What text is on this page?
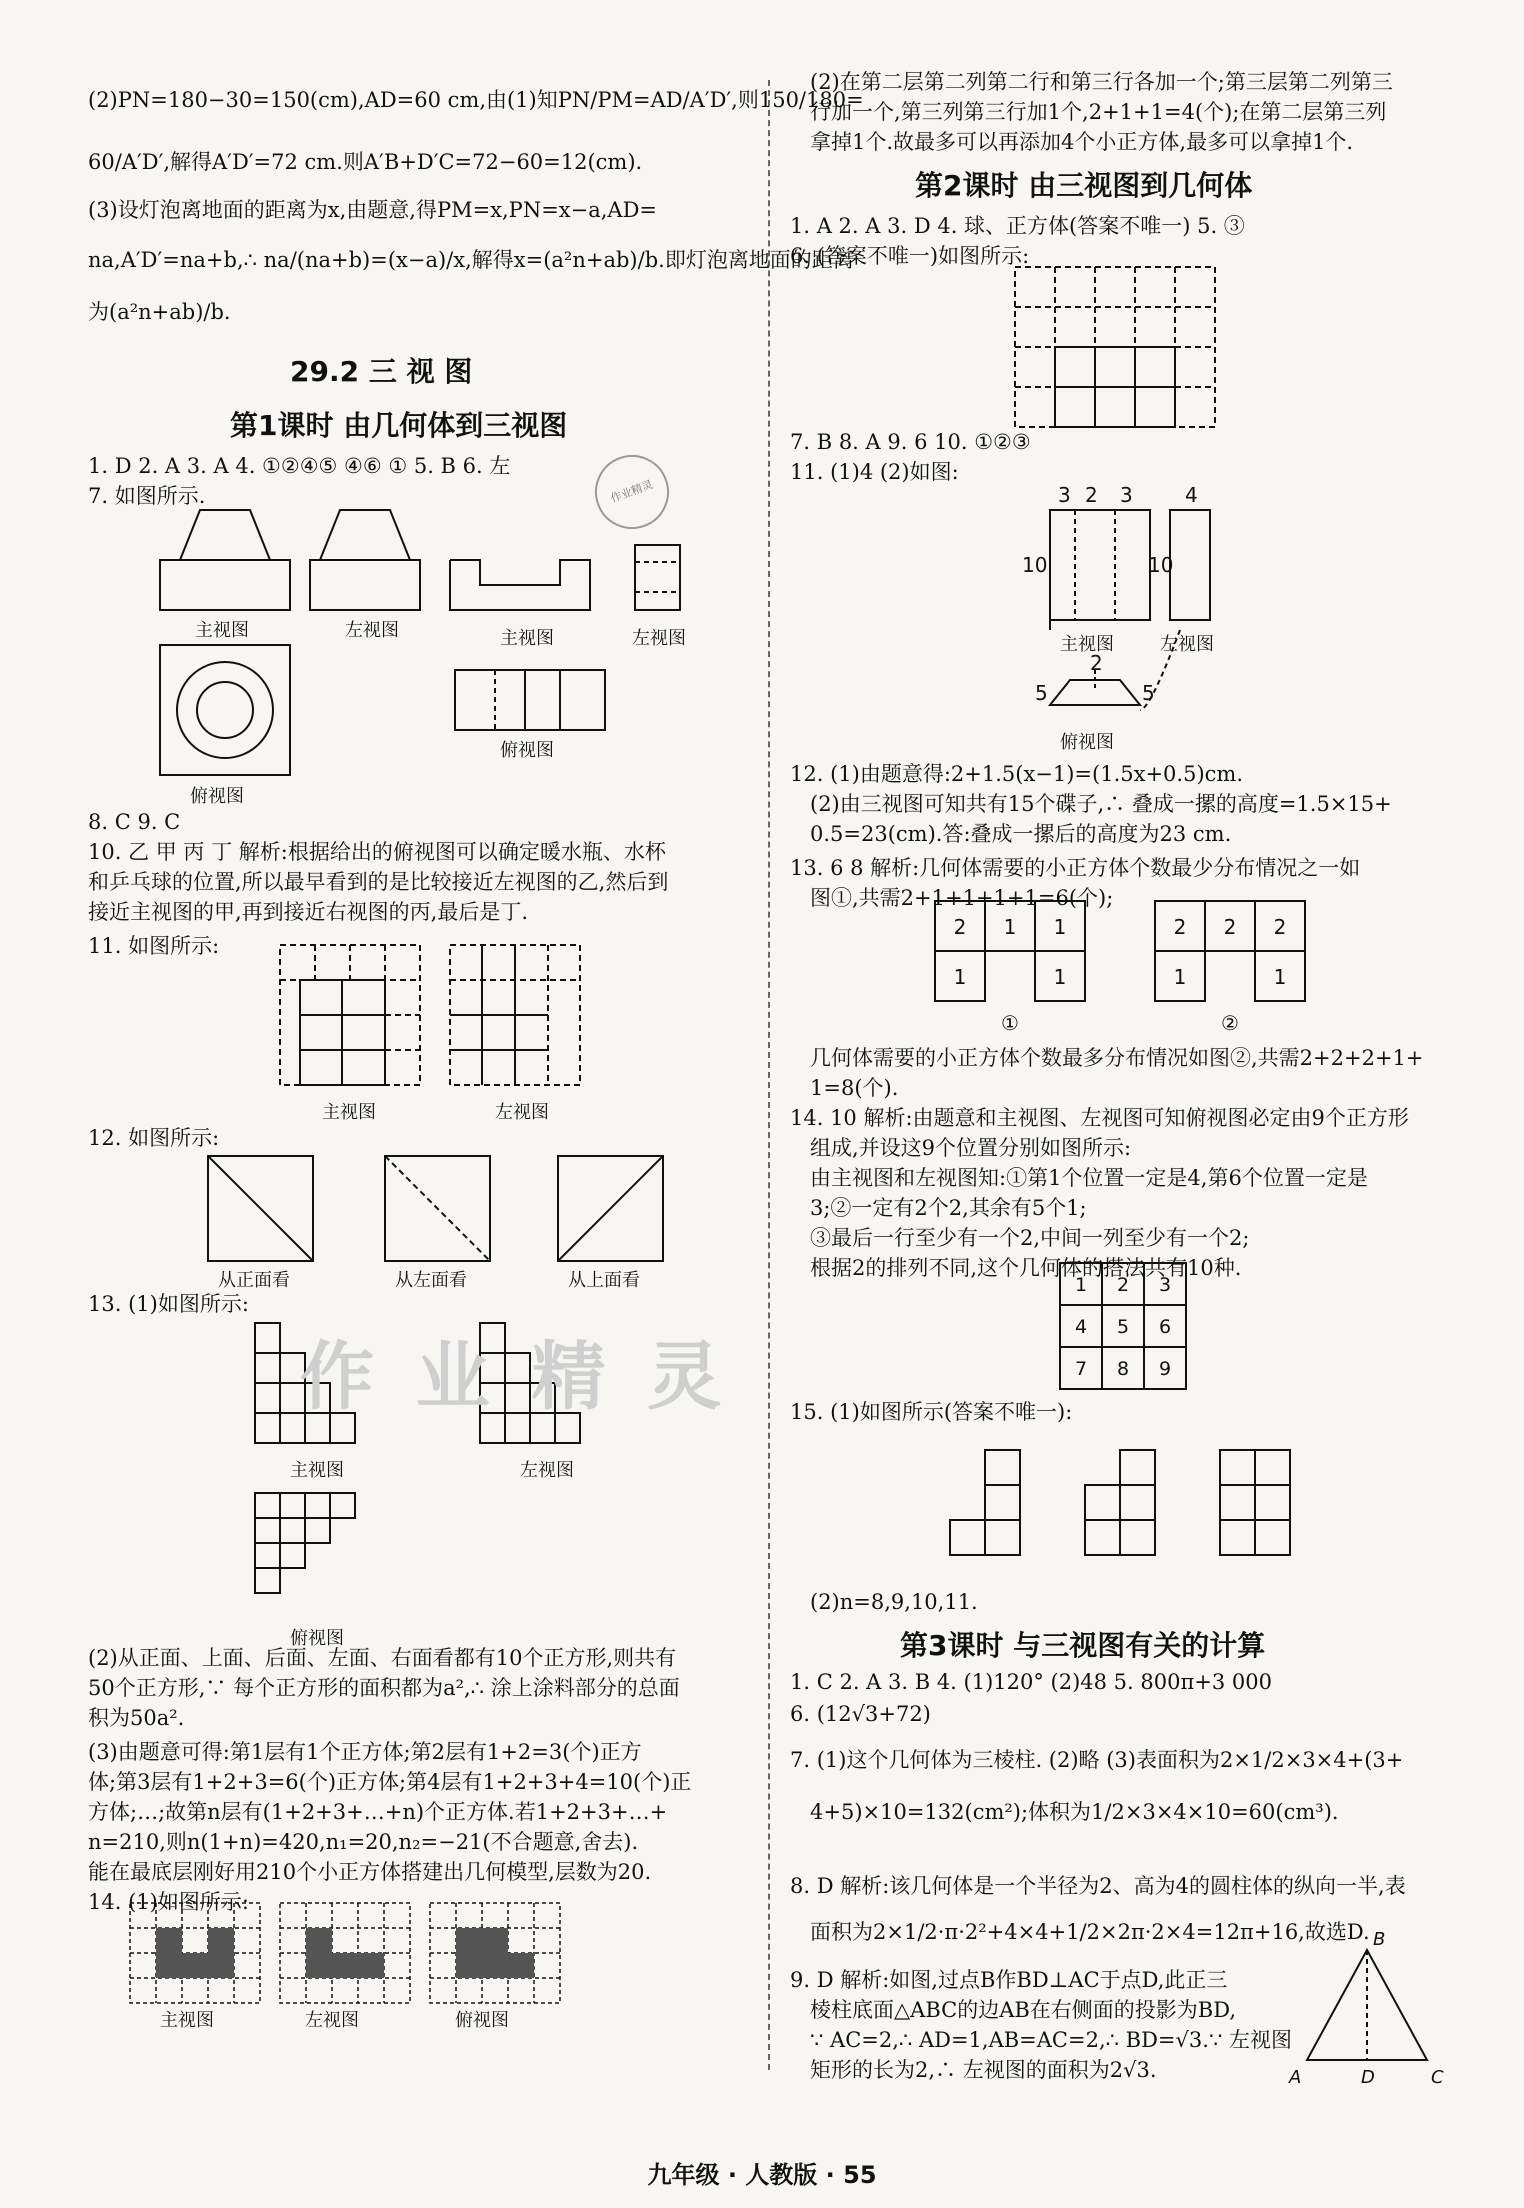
(2)PN=180−30=150(cm),AD=60 cm,由(1)知PN/PM=AD/A′D′,则150/180=
60/A′D′,解得A′D′=72 cm.则A′B+D′C=72−60=12(cm).
(3)设灯泡离地面的距离为x,由题意,得PM=x,PN=x−a,AD=
na,A′D′=na+b,∴ na/(na+b)=(x−a)/x,解得x=(a²n+ab)/b.即灯泡离地面的距离
为(a²n+ab)/b.
29.2 三 视 图
第1课时 由几何体到三视图
1. D 2. A 3. A 4. ①②④⑤ ④⑥ ① 5. B 6. 左
7. 如图所示.
主视图	左视图	主视图	左视图
俯视图
俯视图
8. C 9. C
10. 乙 甲 丙 丁 解析:根据给出的俯视图可以确定暖水瓶、水杯
和乒乓球的位置,所以最早看到的是比较接近左视图的乙,然后到
接近主视图的甲,再到接近右视图的丙,最后是丁.
11. 如图所示:
主视图	左视图
12. 如图所示:
从正面看	从左面看	从上面看
13. (1)如图所示:
主视图	左视图
俯视图
(2)从正面、上面、后面、左面、右面看都有10个正方形,则共有
50个正方形,∵ 每个正方形的面积都为a²,∴ 涂上涂料部分的总面
积为50a².
(3)由题意可得:第1层有1个正方体;第2层有1+2=3(个)正方
体;第3层有1+2+3=6(个)正方体;第4层有1+2+3+4=10(个)正
方体;…;故第n层有(1+2+3+…+n)个正方体.若1+2+3+…+
n=210,则n(1+n)=420,n₁=20,n₂=−21(不合题意,舍去).
能在最底层刚好用210个小正方体搭建出几何模型,层数为20.
14. (1)如图所示:
主视图	左视图	俯视图
(2)在第二层第二列第二行和第三行各加一个;第三层第二列第三
行加一个,第三列第三行加1个,2+1+1=4(个);在第二层第三列
拿掉1个.故最多可以再添加4个小正方体,最多可以拿掉1个.
第2课时 由三视图到几何体
1. A 2. A 3. D 4. 球、正方体(答案不唯一) 5. ③
6. (答案不唯一)如图所示:
7. B 8. A 9. 6 10. ①②③
11. (1)4 (2)如图:
3 2 3	4
10	10
5
2
5
主视图	左视图
俯视图
12. (1)由题意得:2+1.5(x−1)=(1.5x+0.5)cm.
(2)由三视图可知共有15个碟子,∴ 叠成一摞的高度=1.5×15+
0.5=23(cm).答:叠成一摞后的高度为23 cm.
13. 6 8 解析:几何体需要的小正方体个数最少分布情况之一如
图①,共需2+1+1+1+1=6(个);
2 1 1
1	1
2 2 2
1	1
①	②
几何体需要的小正方体个数最多分布情况如图②,共需2+2+2+1+
1=8(个).
14. 10 解析:由题意和主视图、左视图可知俯视图必定由9个正方形
组成,并设这9个位置分别如图所示:
由主视图和左视图知:①第1个位置一定是4,第6个位置一定是
3;②一定有2个2,其余有5个1;
③最后一行至少有一个2,中间一列至少有一个2;
根据2的排列不同,这个几何体的搭法共有10种.
1 2 3
4 5 6
7 8 9
15. (1)如图所示(答案不唯一):
(2)n=8,9,10,11.
第3课时 与三视图有关的计算
1. C 2. A 3. B 4. (1)120° (2)48 5. 800π+3 000
6. (12√3+72)
7. (1)这个几何体为三棱柱. (2)略 (3)表面积为2×1/2×3×4+(3+
4+5)×10=132(cm²);体积为1/2×3×4×10=60(cm³).
8. D 解析:该几何体是一个半径为2、高为4的圆柱体的纵向一半,表
面积为2×1/2·π·2²+4×4+1/2×2π·2×4=12π+16,故选D.
9. D 解析:如图,过点B作BD⊥AC于点D,此正三
棱柱底面△ABC的边AB在右侧面的投影为BD,
∵ AC=2,∴ AD=1,AB=AC=2,∴ BD=√3.∵ 左视图
矩形的长为2,∴ 左视图的面积为2√3.
B
A	D	C
作 业 精 灵
作业精灵
九年级 · 人教版 · 55
